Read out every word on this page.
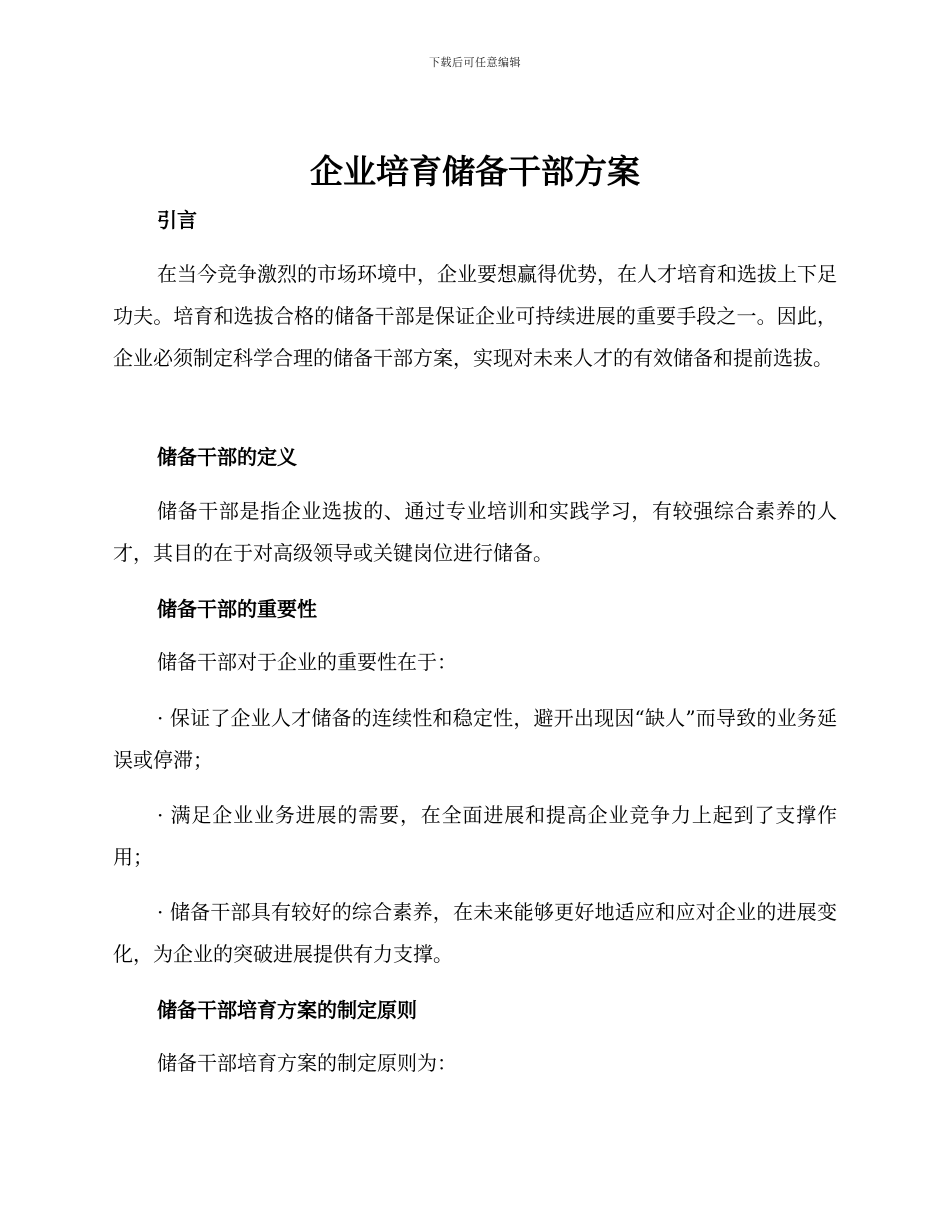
下载后可任意编辑
企业培育储备干部方案
引言

在当今竞争激烈的市场环境中，企业要想赢得优势，在人才培育和选拔上下足功夫。培育和选拔合格的储备干部是保证企业可持续进展的重要手段之一。因此，企业必须制定科学合理的储备干部方案，实现对未来人才的有效储备和提前选拔。

储备干部的定义

储备干部是指企业选拔的、通过专业培训和实践学习，有较强综合素养的人才，其目的在于对高级领导或关键岗位进行储备。

储备干部的重要性

储备干部对于企业的重要性在于：

· 保证了企业人才储备的连续性和稳定性，避开出现因“缺人”而导致的业务延误或停滞；

· 满足企业业务进展的需要，在全面进展和提高企业竞争力上起到了支撑作用；

· 储备干部具有较好的综合素养，在未来能够更好地适应和应对企业的进展变化，为企业的突破进展提供有力支撑。

储备干部培育方案的制定原则

储备干部培育方案的制定原则为：
